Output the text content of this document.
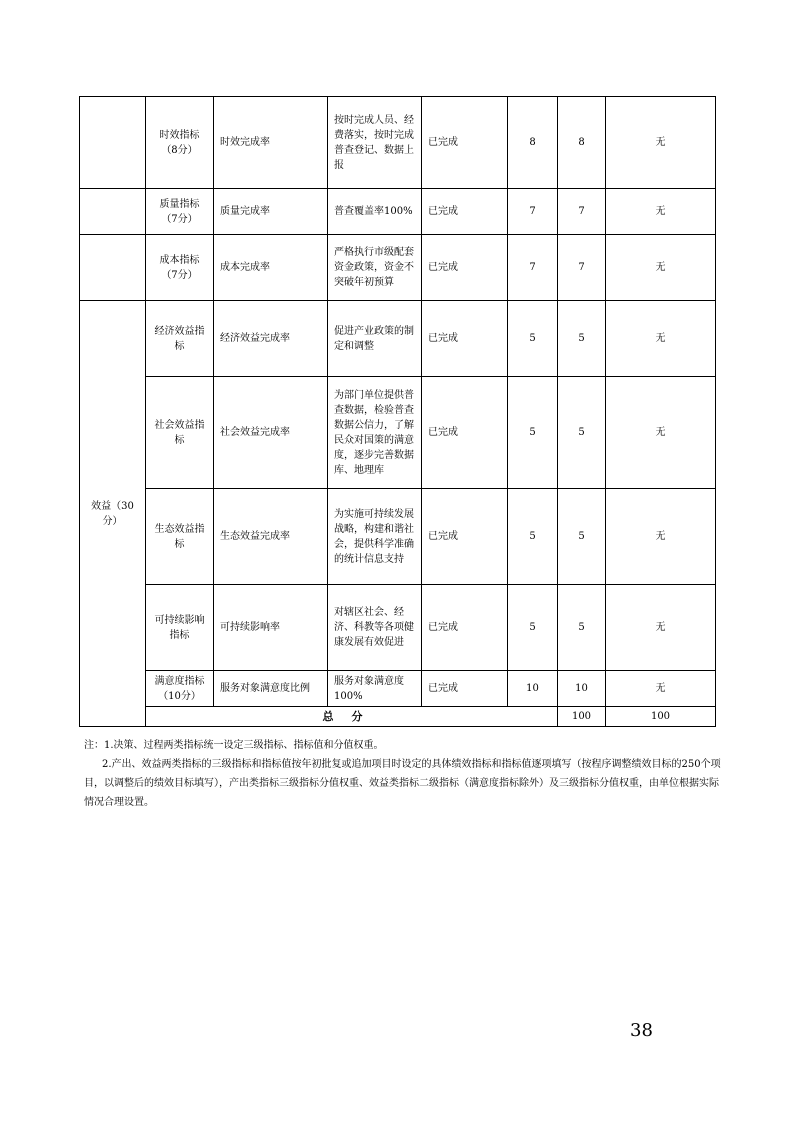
	时效指标（8分）	时效完成率	按时完成人员、经费落实，按时完成普查登记、数据上报	已完成	8	8	无	
	质量指标（7分）	质量完成率	普查覆盖率100%	已完成	7	7	无	
	成本指标（7分）	成本完成率	严格执行市级配套资金政策，资金不突破年初预算	已完成	7	7	无	
效益（30分）	经济效益指标	经济效益完成率	促进产业政策的制定和调整	已完成	5	5	无	
	社会效益指标	社会效益完成率	为部门单位提供普查数据，检验普查数据公信力，了解民众对国策的满意度，逐步完善数据库、地理库	已完成	5	5	无	
	生态效益指标	生态效益完成率	为实施可持续发展战略，构建和谐社会，提供科学准确的统计信息支持	已完成	5	5	无	
	可持续影响指标	可持续影响率	对辖区社会、经济、科教等各项健康发展有效促进	已完成	5	5	无	
	满意度指标（10分）	服务对象满意度比例	服务对象满意度100%	已完成	10	10	无	
	总分					100	100	

注：1.决策、过程两类指标统一设定三级指标、指标值和分值权重。

2.产出、效益两类指标的三级指标和指标值按年初批复或追加项目时设定的具体绩效指标和指标值逐项填写（按程序调整绩效目标的250个项目，以调整后的绩效目标填写），产出类指标三级指标分值权重、效益类指标二级指标（满意度指标除外）及三级指标分值权重，由单位根据实际情况合理设置。

38
